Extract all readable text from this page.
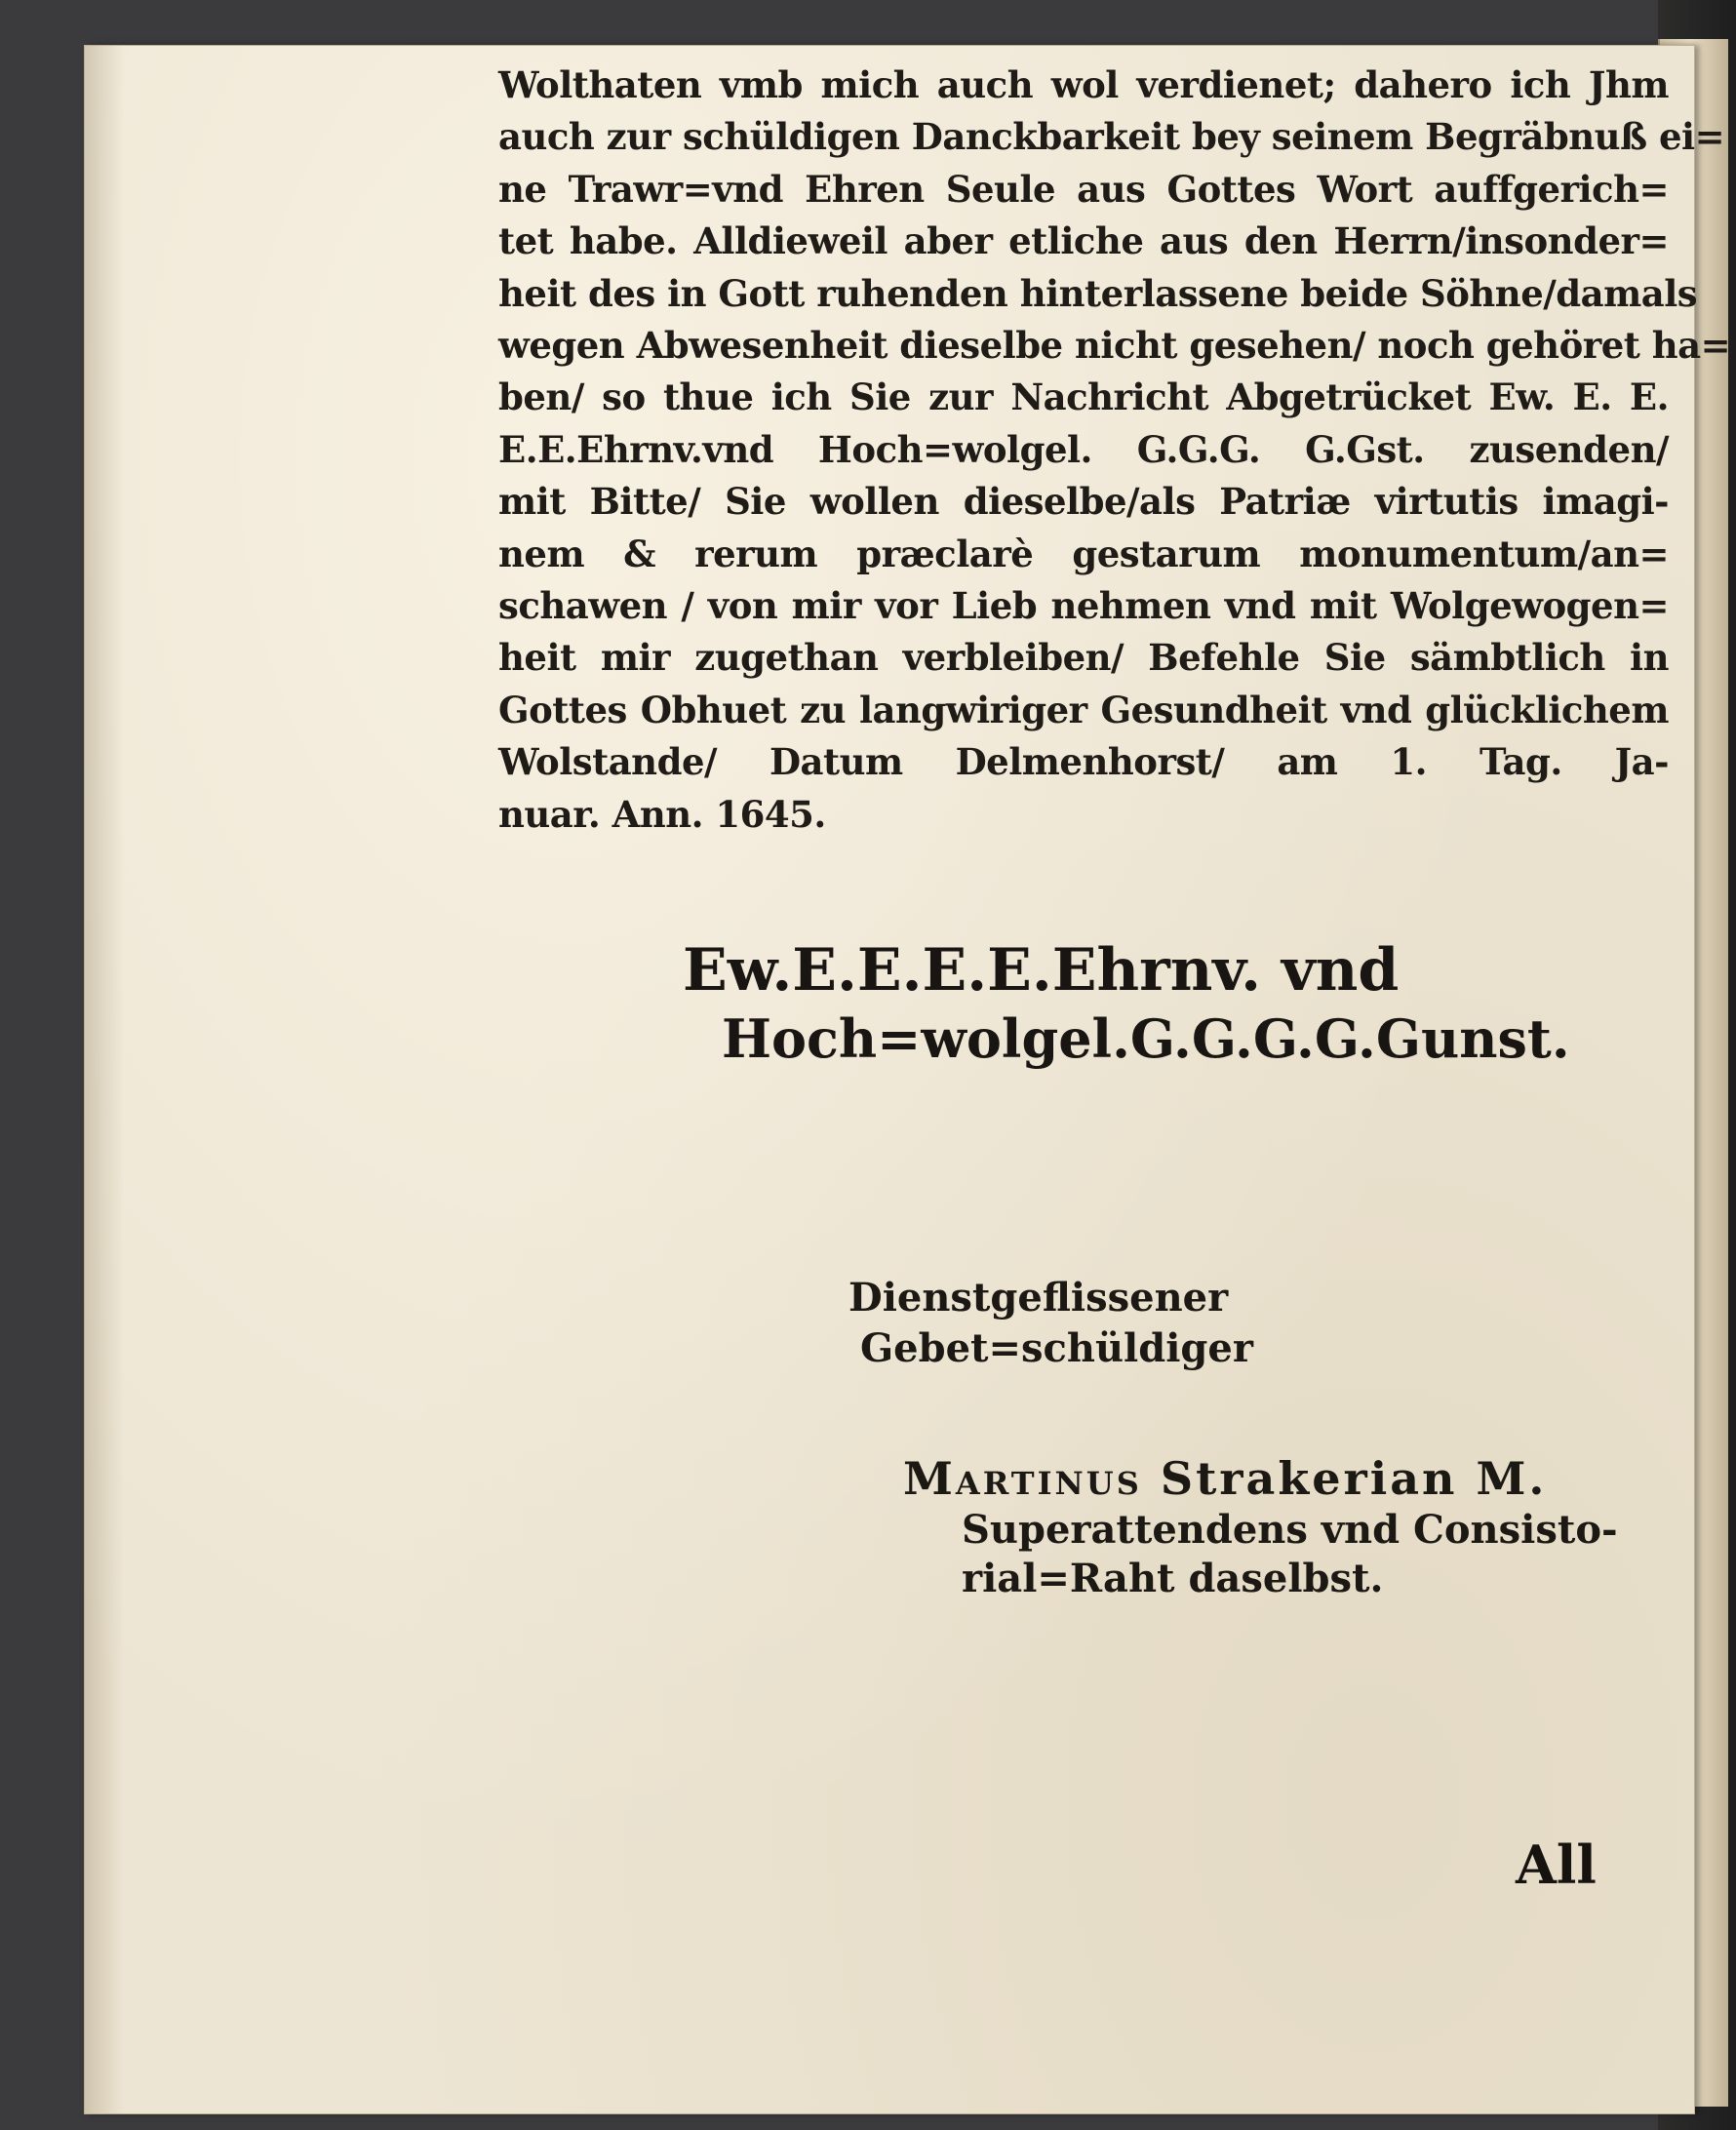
Wolthaten vmb mich auch wol verdienet; dahero ich Jhm
auch zur schüldigen Danckbarkeit bey seinem Begräbnuß ei=
ne Trawr=vnd Ehren Seule aus Gottes Wort auffgerich=
tet habe. Alldieweil aber etliche aus den Herrn/insonder=
heit des in Gott ruhenden hinterlassene beide Söhne/damals
wegen Abwesenheit dieselbe nicht gesehen/ noch gehöret ha=
ben/ so thue ich Sie zur Nachricht Abgetrücket Ew. E. E.
E.E.Ehrnv.vnd Hoch=wolgel. G.G.G. G.Gst. zusenden/
mit Bitte/ Sie wollen dieselbe/als Patriæ virtutis imagi-
nem & rerum præclarè gestarum monumentum/an=
schawen / von mir vor Lieb nehmen vnd mit Wolgewogen=
heit mir zugethan verbleiben/ Befehle Sie sämbtlich in
Gottes Obhuet zu langwiriger Gesundheit vnd glücklichem
Wolstande/ Datum Delmenhorst/ am 1. Tag. Ja-
nuar. Ann. 1645.
Ew.E.E.E.E.Ehrnv. vnd
Hoch=wolgel.G.G.G.G.Gunst.
Dienstgeflissener
Gebet=schüldiger
Martinus Strakerian M.
Superattendens vnd Consisto-
rial=Raht daselbst.
All
